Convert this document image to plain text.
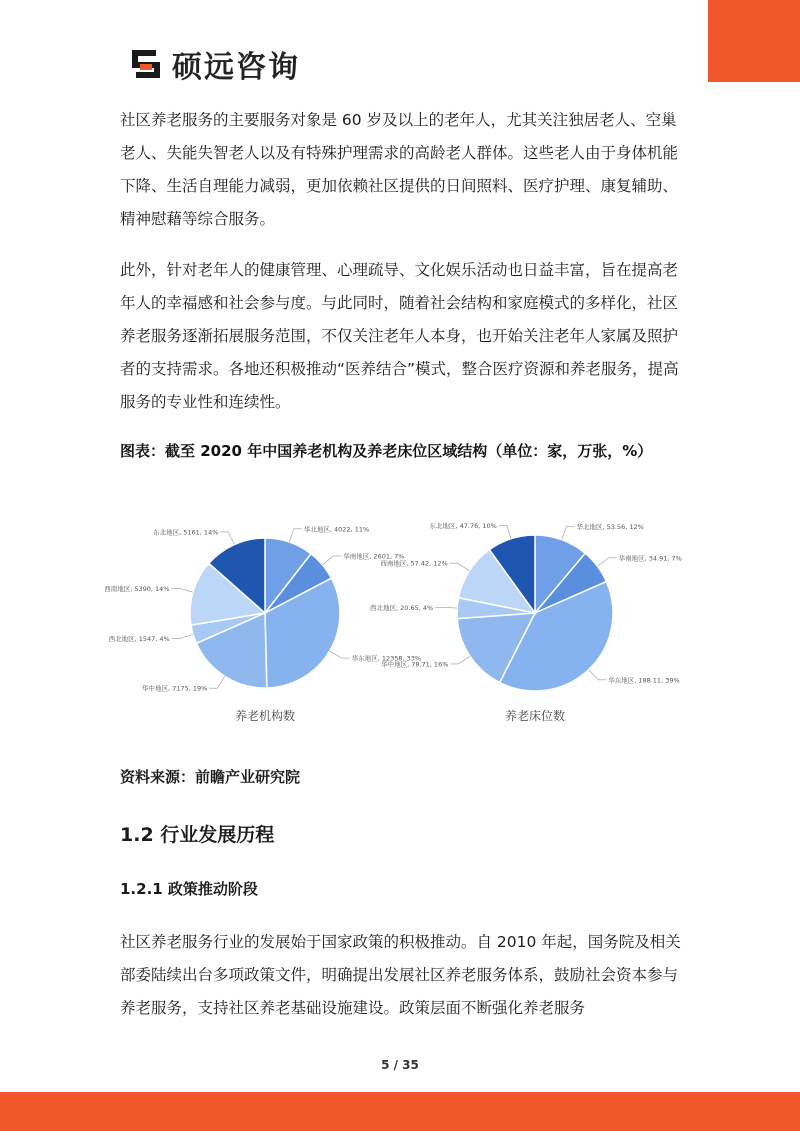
硕远咨询

社区养老服务的主要服务对象是 60 岁及以上的老年人，尤其关注独居老人、空巢老人、失能失智老人以及有特殊护理需求的高龄老人群体。这些老人由于身体机能下降、生活自理能力减弱，更加依赖社区提供的日间照料、医疗护理、康复辅助、精神慰藉等综合服务。

此外，针对老年人的健康管理、心理疏导、文化娱乐活动也日益丰富，旨在提高老年人的幸福感和社会参与度。与此同时，随着社会结构和家庭模式的多样化，社区养老服务逐渐拓展服务范围，不仅关注老年人本身，也开始关注老年人家属及照护者的支持需求。各地还积极推动“医养结合”模式，整合医疗资源和养老服务，提高服务的专业性和连续性。

图表：截至 2020 年中国养老机构及养老床位区域结构（单位：家，万张，%）
华北地区, 4022, 11%
华南地区, 2601, 7%
华东地区, 12358, 33%
华中地区, 7175, 19%
西北地区, 1547, 4%
西南地区, 5390, 14%
东北地区, 5161, 14%
养老机构数
华北地区, 53.56, 12%
华南地区, 34.91, 7%
华东地区, 188.11, 39%
华中地区, 78.71, 16%
西北地区, 20.65, 4%
西南地区, 57.42, 12%
东北地区, 47.76, 10%
养老床位数
资料来源：前瞻产业研究院
1.2 行业发展历程
1.2.1 政策推动阶段

社区养老服务行业的发展始于国家政策的积极推动。自 2010 年起，国务院及相关部委陆续出台多项政策文件，明确提出发展社区养老服务体系，鼓励社会资本参与养老服务，支持社区养老基础设施建设。政策层面不断强化养老服务

5 / 35
